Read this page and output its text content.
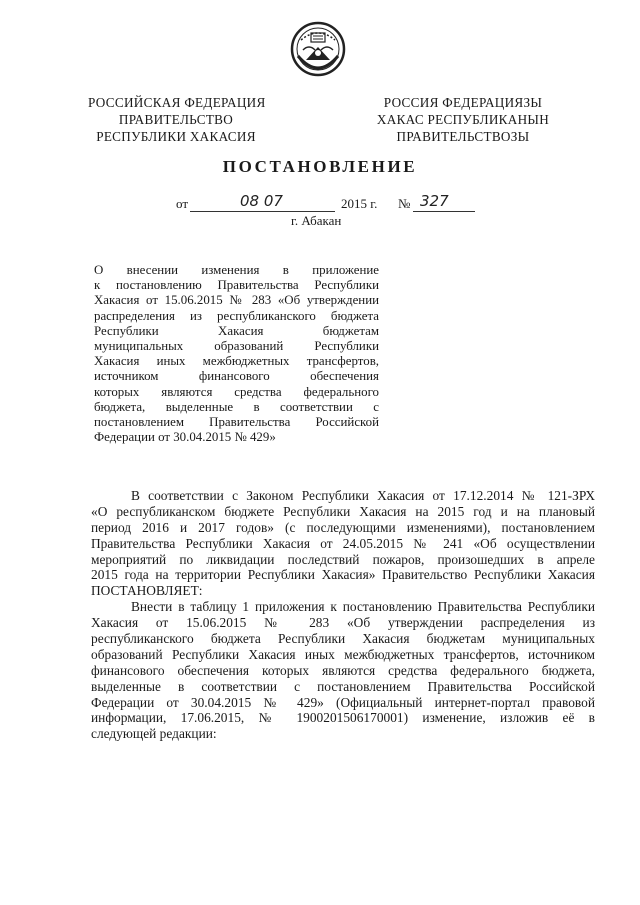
РОССИЙСКАЯ ФЕДЕРАЦИЯ
ПРАВИТЕЛЬСТВО
РЕСПУБЛИКИ ХАКАСИЯ
РОССИЯ ФЕДЕРАЦИЯЗЫ
ХАКАС РЕСПУБЛИКАНЫН
ПРАВИТЕЛЬСТВОЗЫ
ПОСТАНОВЛЕНИЕ
от	08 07	2015 г. № 327
г. Абакан
О внесении изменения в приложение
к постановлению Правительства Республики
Хакасия от 15.06.2015 № 283 «Об утверждении
распределения из республиканского бюджета
Республики Хакасия бюджетам
муниципальных образований Республики
Хакасия иных межбюджетных трансфертов,
источником финансового обеспечения
которых являются средства федерального
бюджета, выделенные в соответствии с
постановлением Правительства Российской
Федерации от 30.04.2015 № 429»
В соответствии с Законом Республики Хакасия от 17.12.2014 № 121-ЗРХ
«О республиканском бюджете Республики Хакасия на 2015 год и на плановый
период 2016 и 2017 годов» (с последующими изменениями), постановлением
Правительства Республики Хакасия от 24.05.2015 № 241 «Об осуществлении
мероприятий по ликвидации последствий пожаров, произошедших в апреле
2015 года на территории Республики Хакасия» Правительство Республики Хакасия
ПОСТАНОВЛЯЕТ:
Внести в таблицу 1 приложения к постановлению Правительства Республики
Хакасия от 15.06.2015 № 283 «Об утверждении распределения из
республиканского бюджета Республики Хакасия бюджетам муниципальных
образований Республики Хакасия иных межбюджетных трансфертов, источником
финансового обеспечения которых являются средства федерального бюджета,
выделенные в соответствии с постановлением Правительства Российской
Федерации от 30.04.2015 № 429» (Официальный интернет-портал правовой
информации, 17.06.2015, № 1900201506170001) изменение, изложив её в
следующей редакции:
